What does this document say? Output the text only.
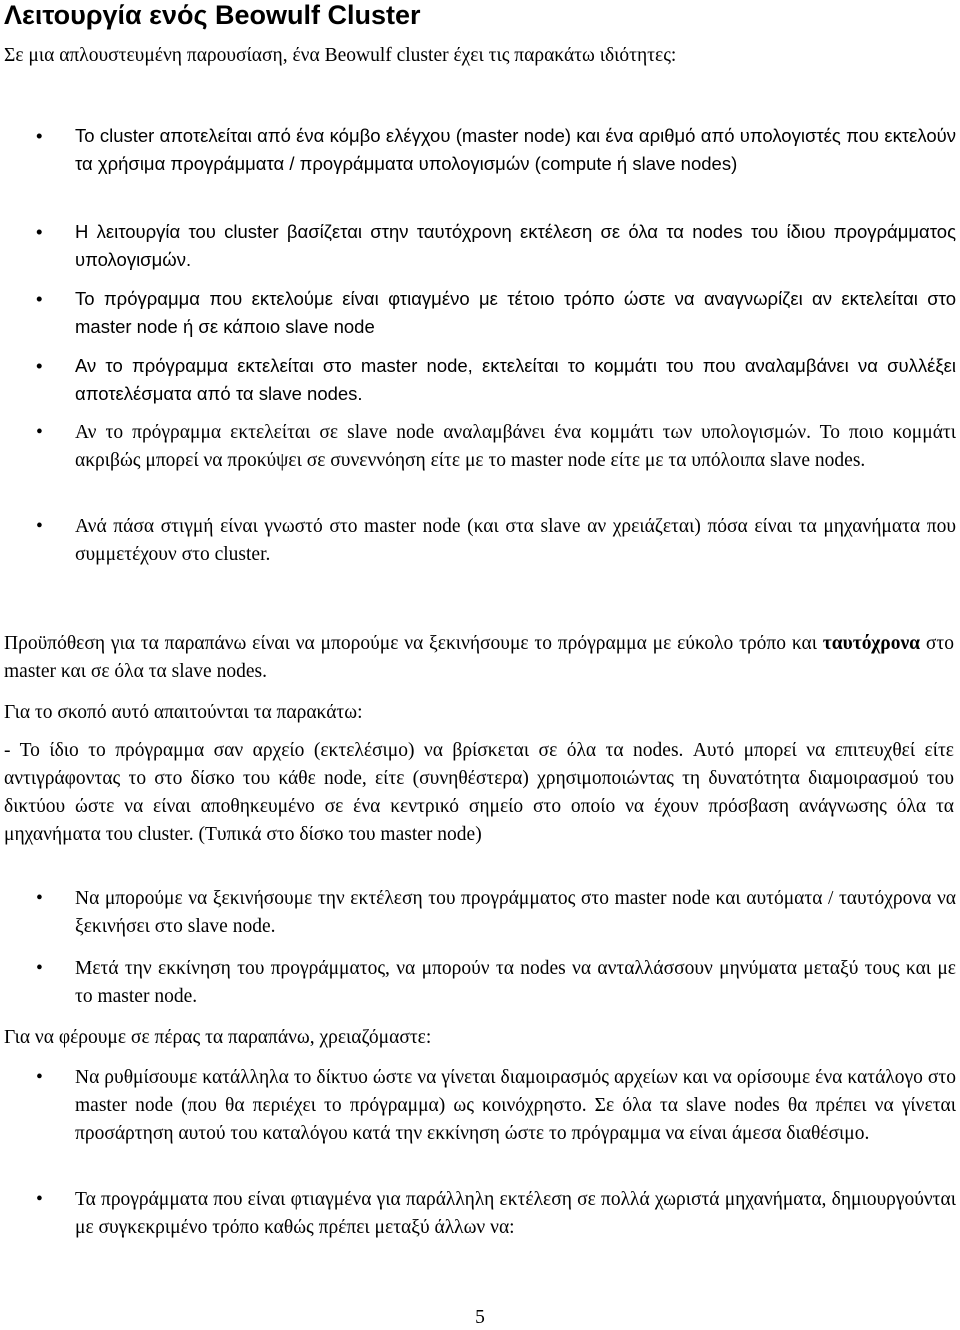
Λειτουργία ενός Beowulf Cluster

Σε μια απλουστευμένη παρουσίαση, ένα Beowulf cluster έχει τις παρακάτω ιδιότητες:

• Το cluster αποτελείται από ένα κόμβο ελέγχου (master node) και ένα αριθμό από υπολογιστές που εκτελούν τα χρήσιμα προγράμματα / προγράμματα υπολογισμών (compute ή slave nodes)
• Η λειτουργία του cluster βασίζεται στην ταυτόχρονη εκτέλεση σε όλα τα nodes του ίδιου προγράμματος υπολογισμών.
• Το πρόγραμμα που εκτελούμε είναι φτιαγμένο με τέτοιο τρόπο ώστε να αναγνωρίζει αν εκτελείται στο master node ή σε κάποιο slave node
• Αν το πρόγραμμα εκτελείται στο master node, εκτελείται το κομμάτι του που αναλαμβάνει να συλλέξει αποτελέσματα από τα slave nodes.
• Αν το πρόγραμμα εκτελείται σε slave node αναλαμβάνει ένα κομμάτι των υπολογισμών. Το ποιο κομμάτι ακριβώς μπορεί να προκύψει σε συνεννόηση είτε με το master node είτε με τα υπόλοιπα slave nodes.
• Ανά πάσα στιγμή είναι γνωστό στο master node (και στα slave αν χρειάζεται) πόσα είναι τα μηχανήματα που συμμετέχουν στο cluster.

Προϋπόθεση για τα παραπάνω είναι να μπορούμε να ξεκινήσουμε το πρόγραμμα με εύκολο τρόπο και ταυτόχρονα στο master και σε όλα τα slave nodes.

Για το σκοπό αυτό απαιτούνται τα παρακάτω:

- Το ίδιο το πρόγραμμα σαν αρχείο (εκτελέσιμο) να βρίσκεται σε όλα τα nodes. Αυτό μπορεί να επιτευχθεί είτε αντιγράφοντας το στο δίσκο του κάθε node, είτε (συνηθέστερα) χρησιμοποιώντας τη δυνατότητα διαμοιρασμού του δικτύου ώστε να είναι αποθηκευμένο σε ένα κεντρικό σημείο στο οποίο να έχουν πρόσβαση ανάγνωσης όλα τα μηχανήματα του cluster. (Τυπικά στο δίσκο του master node)

• Να μπορούμε να ξεκινήσουμε την εκτέλεση του προγράμματος στο master node και αυτόματα / ταυτόχρονα να ξεκινήσει στο slave node.
• Μετά την εκκίνηση του προγράμματος, να μπορούν τα nodes να ανταλλάσσουν μηνύματα μεταξύ τους και με το master node.

Για να φέρουμε σε πέρας τα παραπάνω, χρειαζόμαστε:

• Να ρυθμίσουμε κατάλληλα το δίκτυο ώστε να γίνεται διαμοιρασμός αρχείων και να ορίσουμε ένα κατάλογο στο master node (που θα περιέχει το πρόγραμμα) ως κοινόχρηστο. Σε όλα τα slave nodes θα πρέπει να γίνεται προσάρτηση αυτού του καταλόγου κατά την εκκίνηση ώστε το πρόγραμμα να είναι άμεσα διαθέσιμο.
• Τα προγράμματα που είναι φτιαγμένα για παράλληλη εκτέλεση σε πολλά χωριστά μηχανήματα, δημιουργούνται με συγκεκριμένο τρόπο καθώς πρέπει μεταξύ άλλων να:
5
